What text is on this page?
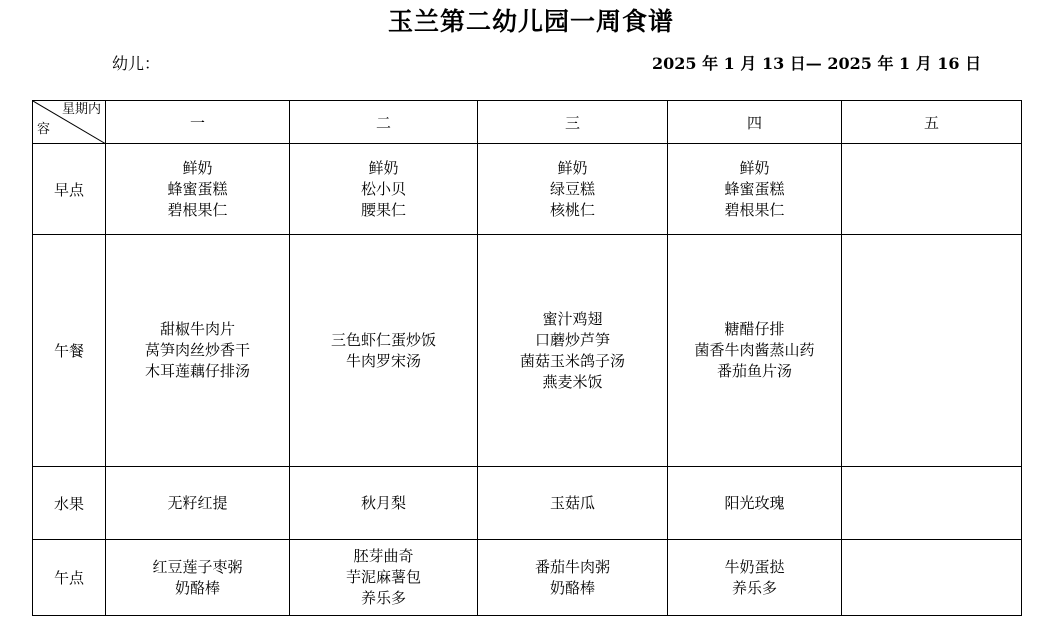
玉兰第二幼儿园一周食谱
幼儿：	2025 年 1 月 13 日— 2025 年 1 月 16 日
星期内
容	一	二	三	四	五
早点	鲜奶
蜂蜜蛋糕
碧根果仁	鲜奶
松小贝
腰果仁	鲜奶
绿豆糕
核桃仁	鲜奶
蜂蜜蛋糕
碧根果仁	

午餐	甜椒牛肉片
莴笋肉丝炒香干
木耳莲藕仔排汤	三色虾仁蛋炒饭
牛肉罗宋汤	蜜汁鸡翅
口蘑炒芦笋
菌菇玉米鸽子汤
燕麦米饭	糖醋仔排
菌香牛肉酱蒸山药
番茄鱼片汤	

水果	无籽红提	秋月梨	玉菇瓜	阳光玫瑰	

午点	红豆莲子枣粥
奶酪棒	胚芽曲奇
芋泥麻薯包
养乐多	番茄牛肉粥
奶酪棒	牛奶蛋挞
养乐多	
